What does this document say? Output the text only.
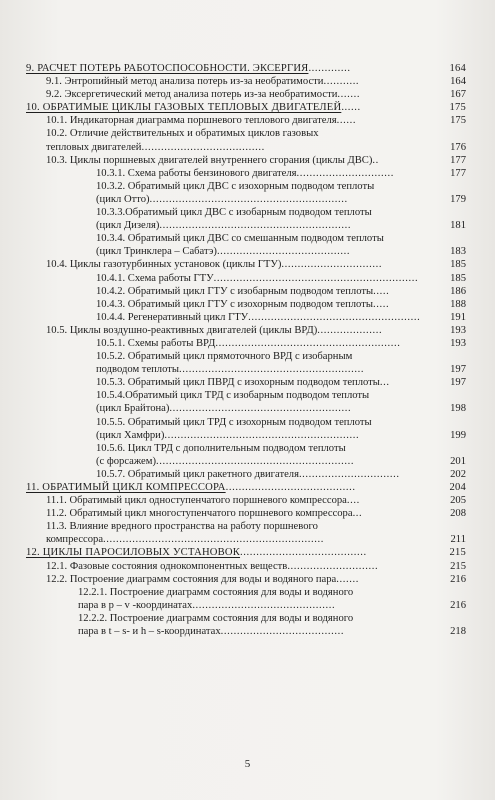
9. РАСЧЕТ ПОТЕРЬ РАБОТОСПОСОБНОСТИ. ЭКСЕРГИЯ.............	164
9.1. Энтропийный метод анализа потерь из-за необратимости...........	164
9.2. Эксергетический метод анализа потерь из-за необратимости.......	167
10. ОБРАТИМЫЕ ЦИКЛЫ ГАЗОВЫХ ТЕПЛОВЫХ ДВИГАТЕЛЕЙ......	175
10.1. Индикаторная диаграмма поршневого теплового двигателя......	175
10.2. Отличие действительных и обратимых циклов газовых
тепловых двигателей......................................	176
10.3. Циклы поршневых двигателей внутреннего сгорания (циклы ДВС)..	177
10.3.1. Схема работы бензинового двигателя..............................	177
10.3.2. Обратимый цикл ДВС с изохорным подводом теплоты
(цикл Отто).............................................................	179
10.3.3.Обратимый цикл ДВС с изобарным подводом теплоты
(цикл Дизеля)...........................................................	181
10.3.4. Обратимый цикл ДВС со смешанным подводом теплоты
(цикл Тринклера – Сабатэ).........................................	183
10.4. Циклы газотурбинных установок (циклы ГТУ)...............................	185
10.4.1. Схема работы ГТУ...............................................................	185
10.4.2. Обратимый цикл ГТУ с изобарным подводом теплоты.....	186
10.4.3. Обратимый цикл ГТУ с изохорным подводом теплоты.....	188
10.4.4. Регенеративный цикл ГТУ.....................................................	191
10.5. Циклы воздушно-реактивных двигателей (циклы ВРД)....................	193
10.5.1. Схемы работы ВРД.........................................................	193
10.5.2. Обратимый цикл прямоточного ВРД с изобарным
подводом теплоты.........................................................	197
10.5.3. Обратимый цикл ПВРД с изохорным подводом теплоты...	197
10.5.4.Обратимый цикл ТРД с изобарным подводом теплоты
(цикл Брайтона)........................................................	198
10.5.5. Обратимый цикл ТРД с изохорным подводом теплоты
(цикл Хамфри)............................................................	199
10.5.6. Цикл ТРД с дополнительным подводом теплоты
(с форсажем).............................................................	201
10.5.7. Обратимый цикл ракетного двигателя...............................	202
11. ОБРАТИМЫЙ ЦИКЛ КОМПРЕССОРА........................................	204
11.1. Обратимый цикл одноступенчатого поршневого компрессора....	205
11.2. Обратимый цикл многоступенчатого поршневого компрессора...	208
11.3. Влияние вредного пространства на работу поршневого
компрессора....................................................................	211
12. ЦИКЛЫ ПАРОСИЛОВЫХ УСТАНОВОК.......................................	215
12.1. Фазовые состояния однокомпонентных веществ............................	215
12.2. Построение диаграмм состояния для воды и водяного пара.......	216
12.2.1. Построение диаграмм состояния для воды и водяного
пара в p – v -координатах............................................	216
12.2.2. Построение диаграмм состояния для воды и водяного
пара в t – s- и h – s-координатах......................................	218
5
